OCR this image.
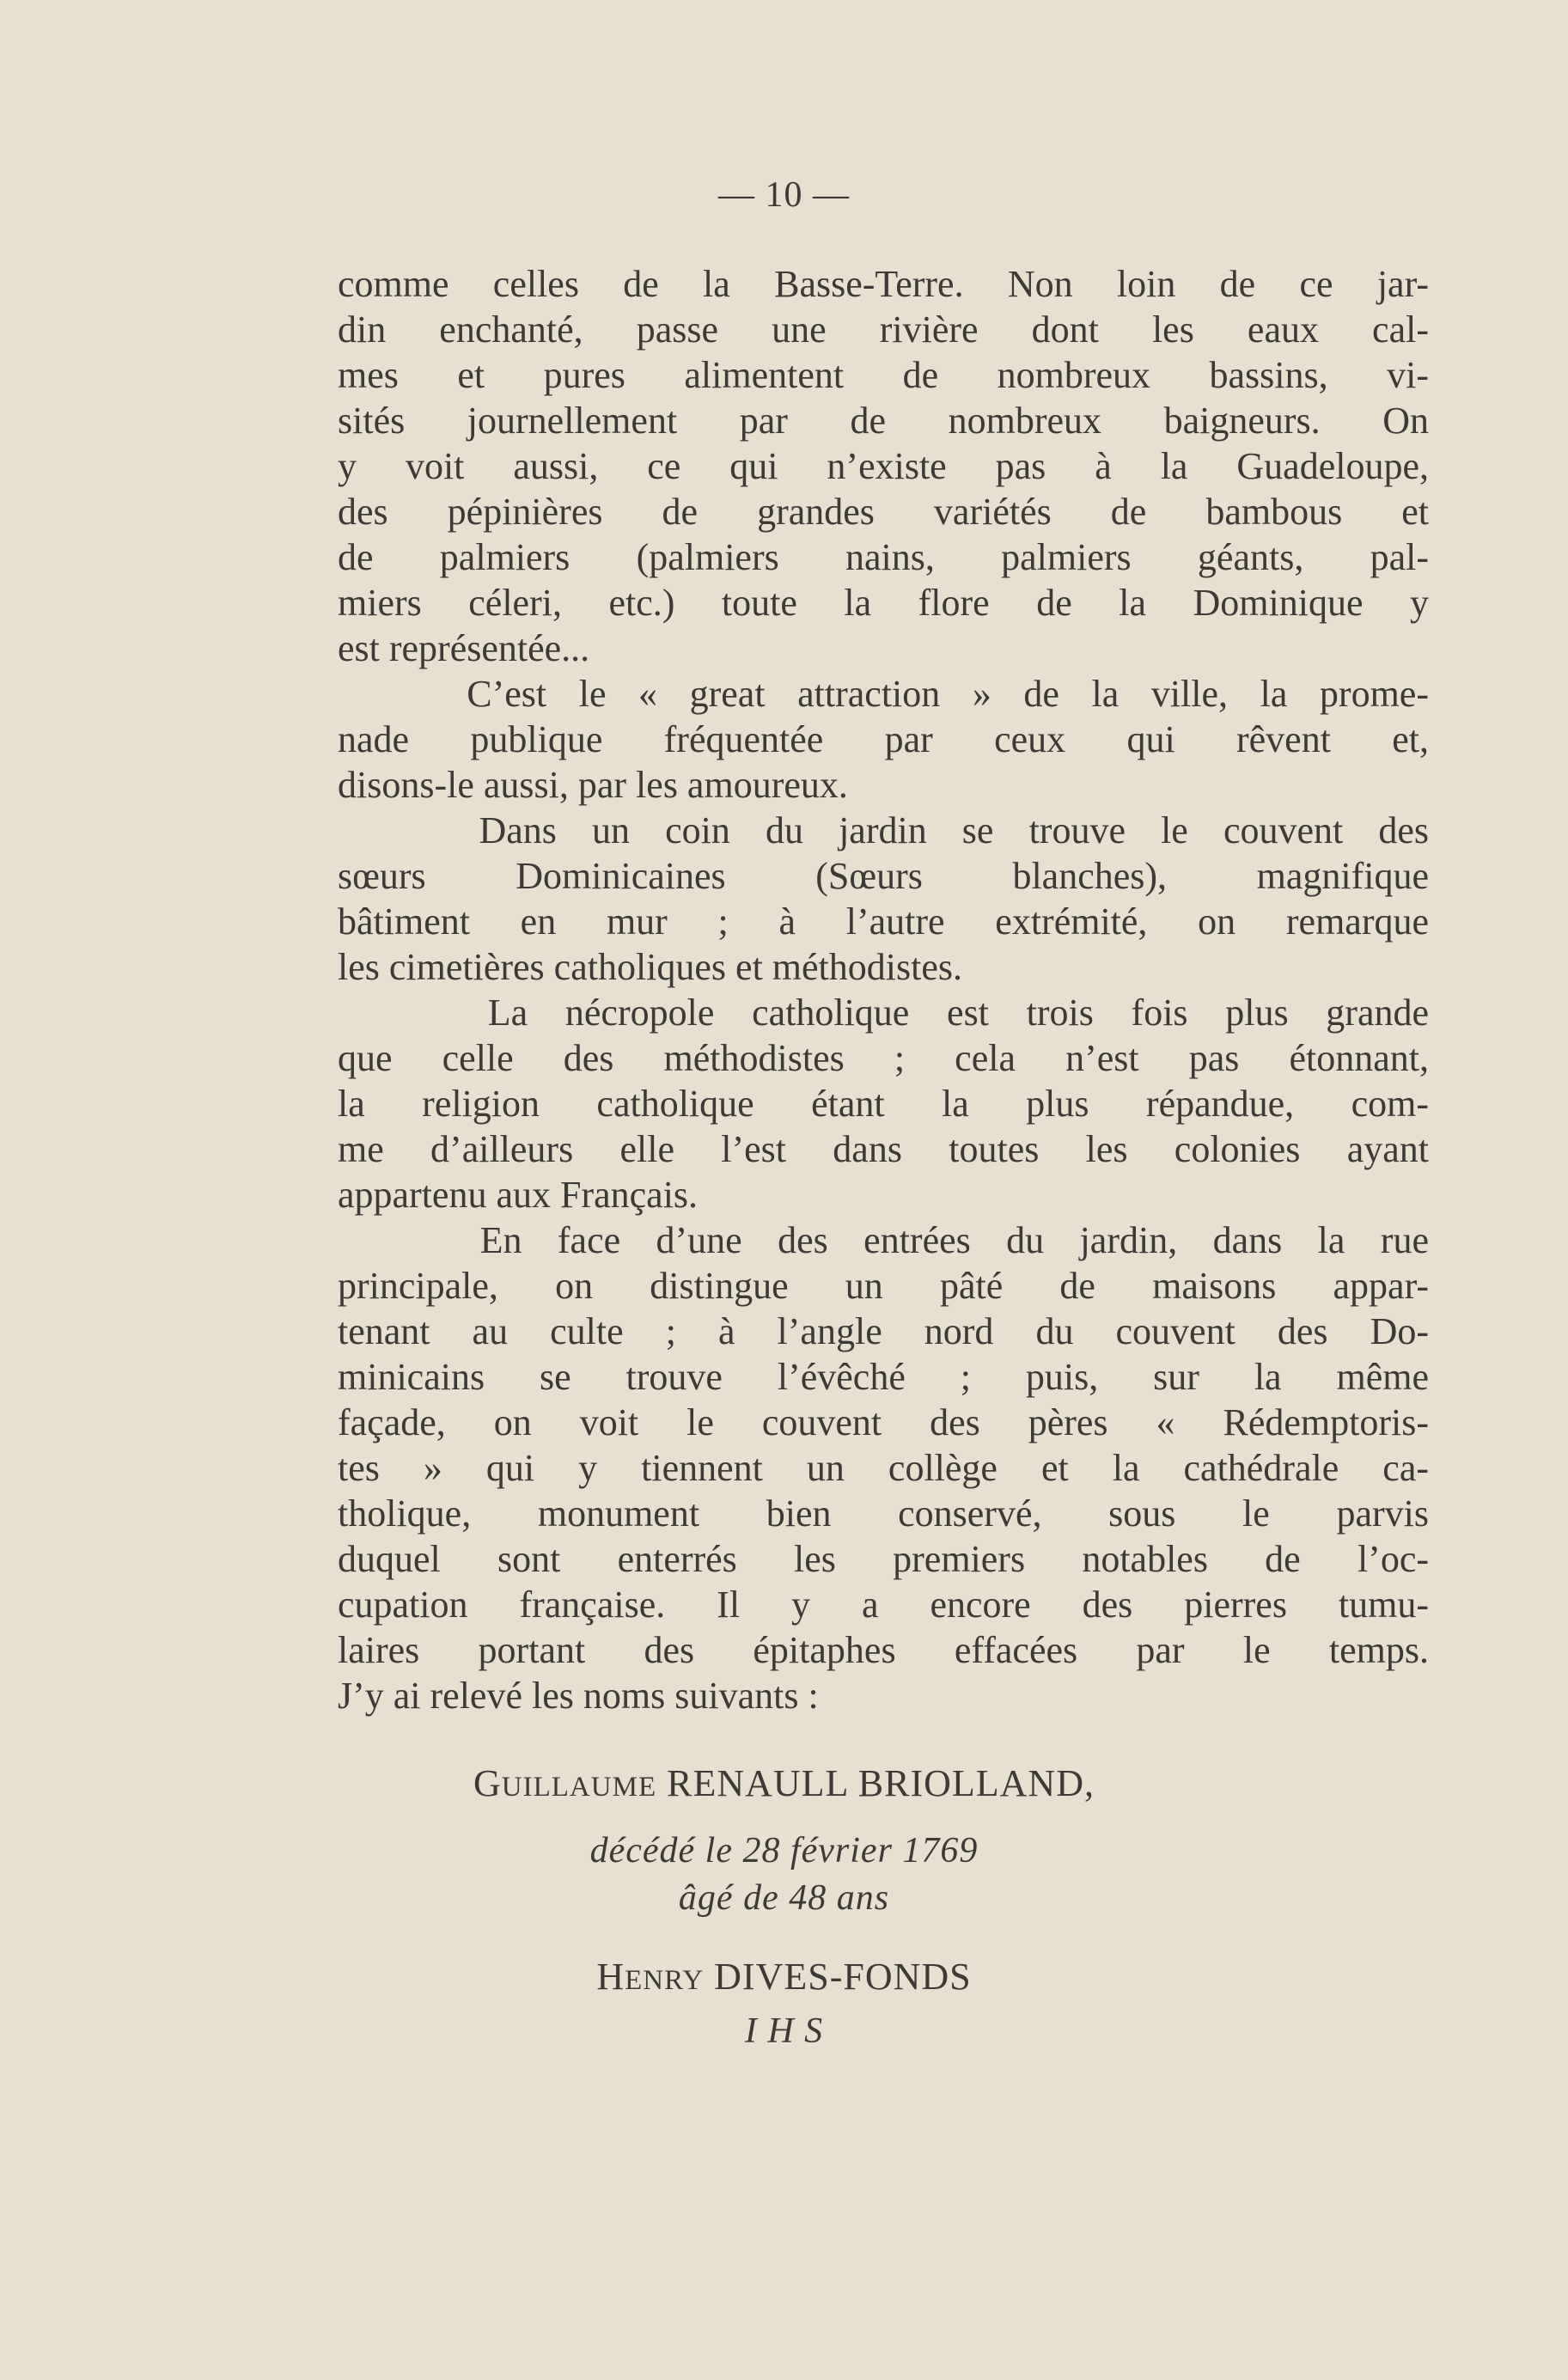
— 10 —
comme celles de la Basse-Terre. Non loin de ce jar-
din enchanté, passe une rivière dont les eaux cal-
mes et pures alimentent de nombreux bassins, vi-
sités journellement par de nombreux baigneurs. On
y voit aussi, ce qui n’existe pas à la Guadeloupe,
des pépinières de grandes variétés de bambous et
de palmiers (palmiers nains, palmiers géants, pal-
miers céleri, etc.) toute la flore de la Dominique y
est représentée...
C’est le « great attraction » de la ville, la prome-
nade publique fréquentée par ceux qui rêvent et,
disons-le aussi, par les amoureux.
Dans un coin du jardin se trouve le couvent des
sœurs Dominicaines (Sœurs blanches), magnifique
bâtiment en mur ; à l’autre extrémité, on remarque
les cimetières catholiques et méthodistes.
La nécropole catholique est trois fois plus grande
que celle des méthodistes ; cela n’est pas étonnant,
la religion catholique étant la plus répandue, com-
me d’ailleurs elle l’est dans toutes les colonies ayant
appartenu aux Français.
En face d’une des entrées du jardin, dans la rue
principale, on distingue un pâté de maisons appar-
tenant au culte ; à l’angle nord du couvent des Do-
minicains se trouve l’évêché ; puis, sur la même
façade, on voit le couvent des pères « Rédemptoris-
tes » qui y tiennent un collège et la cathédrale ca-
tholique, monument bien conservé, sous le parvis
duquel sont enterrés les premiers notables de l’oc-
cupation française. Il y a encore des pierres tumu-
laires portant des épitaphes effacées par le temps.
J’y ai relevé les noms suivants :
GUILLAUME RENAULL BRIOLLAND,
décédé le 28 février 1769
âgé de 48 ans
HENRY DIVES-FONDS
I H S
